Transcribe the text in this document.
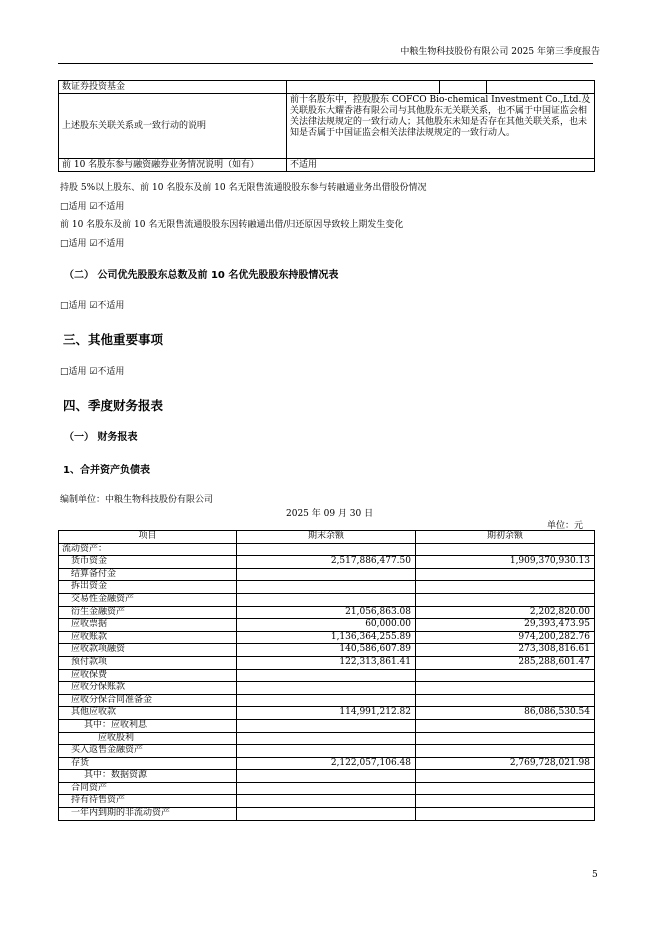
中粮生物科技股份有限公司 2025 年第三季度报告
数证券投资基金			
上述股东关联关系或一致行动的说明	前十名股东中，控股股东 COFCO Bio-chemical Investment Co.,Ltd.及关联股东大耀香港有限公司与其他股东无关联关系，也不属于中国证监会相关法律法规规定的一致行动人；其他股东未知是否存在其他关联关系，也未知是否属于中国证监会相关法律法规规定的一致行动人。		
前 10 名股东参与融资融券业务情况说明（如有）	不适用		
持股 5%以上股东、前 10 名股东及前 10 名无限售流通股股东参与转融通业务出借股份情况
□适用 ☑不适用
前 10 名股东及前 10 名无限售流通股股东因转融通出借/归还原因导致较上期发生变化
□适用 ☑不适用
（二） 公司优先股股东总数及前 10 名优先股股东持股情况表
□适用 ☑不适用
三、其他重要事项
□适用 ☑不适用
四、季度财务报表
（一） 财务报表
1、合并资产负债表
编制单位：中粮生物科技股份有限公司
2025 年 09 月 30 日
单位：元
项目	期末余额	期初余额
流动资产：		
货币资金	2,517,886,477.50	1,909,370,930.13
结算备付金		
拆出资金		
交易性金融资产		
衍生金融资产	21,056,863.08	2,202,820.00
应收票据	60,000.00	29,393,473.95
应收账款	1,136,364,255.89	974,200,282.76
应收款项融资	140,586,607.89	273,308,816.61
预付款项	122,313,861.41	285,288,601.47
应收保费		
应收分保账款		
应收分保合同准备金		
其他应收款	114,991,212.82	86,086,530.54
其中：应收利息		
应收股利		
买入返售金融资产		
存货	2,122,057,106.48	2,769,728,021.98
其中：数据资源		
合同资产		
持有待售资产		
一年内到期的非流动资产		
5
